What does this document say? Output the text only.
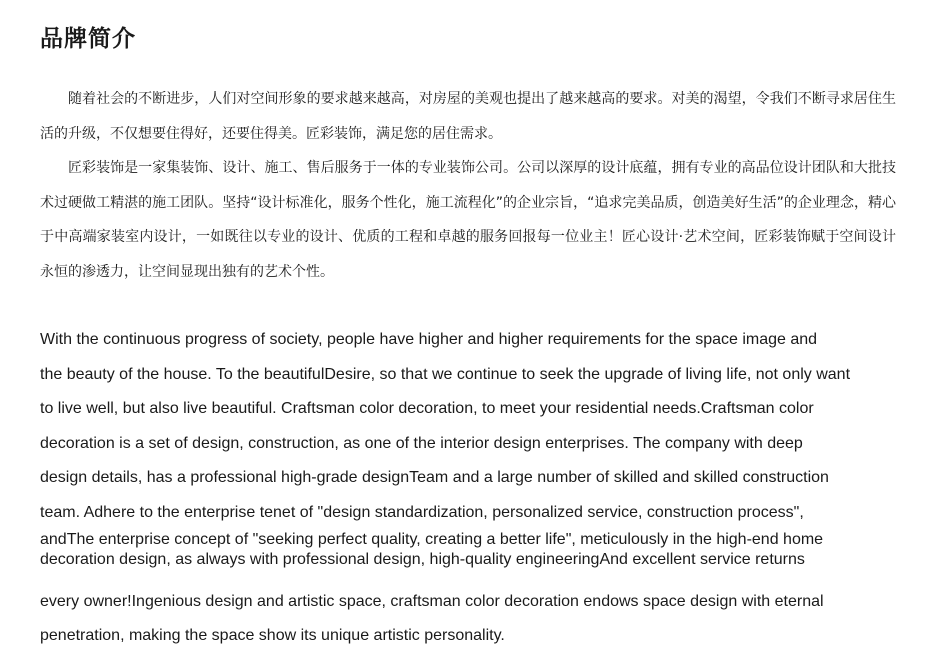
品牌简介

随着社会的不断进步，人们对空间形象的要求越来越高，对房屋的美观也提出了越来越高的要求。对美的渴望，令我们不断寻求居住生活的升级，不仅想要住得好，还要住得美。匠彩装饰，满足您的居住需求。

匠彩装饰是一家集装饰、设计、施工、售后服务于一体的专业装饰公司。公司以深厚的设计底蕴，拥有专业的高品位设计团队和大批技术过硬做工精湛的施工团队。坚持“设计标准化，服务个性化，施工流程化”的企业宗旨，“追求完美品质，创造美好生活”的企业理念，精心于中高端家装室内设计，一如既往以专业的设计、优质的工程和卓越的服务回报每一位业主！匠心设计·艺术空间，匠彩装饰赋于空间设计永恒的渗透力，让空间显现出独有的艺术个性。

With the continuous progress of society, people have higher and higher requirements for the space image and
the beauty of the house. To the beautifulDesire, so that we continue to seek the upgrade of living life, not only want
to live well, but also live beautiful. Craftsman color decoration, to meet your residential needs.Craftsman color
decoration is a set of design, construction, as one of the interior design enterprises. The company with deep
design details, has a professional high-grade designTeam and a large number of skilled and skilled construction
team. Adhere to the enterprise tenet of "design standardization, personalized service, construction process",
andThe enterprise concept of "seeking perfect quality, creating a better life", meticulously in the high-end home
decoration design, as always with professional design, high-quality engineeringAnd excellent service returns
every owner!Ingenious design and artistic space, craftsman color decoration endows space design with eternal
penetration, making the space show its unique artistic personality.
